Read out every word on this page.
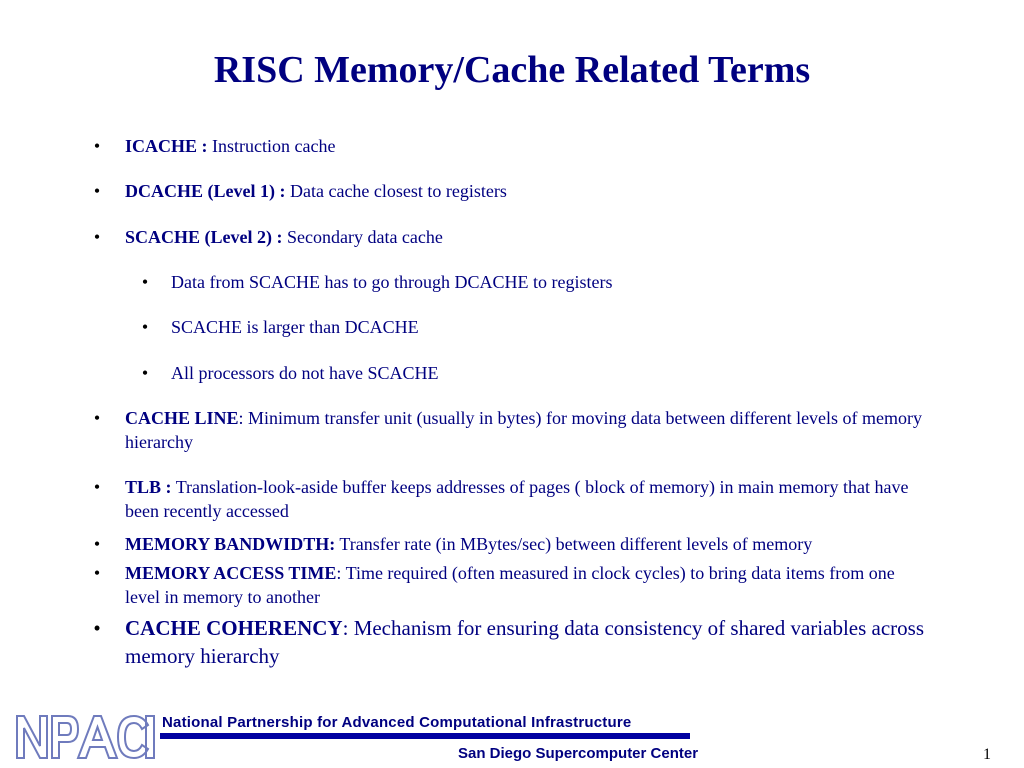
RISC Memory/Cache Related Terms
•	ICACHE : Instruction cache
•	DCACHE (Level 1) : Data cache closest to registers
•	SCACHE (Level 2) : Secondary data cache
•	Data from SCACHE has to go through DCACHE to registers
•	SCACHE is larger than DCACHE
•	All processors do not have SCACHE
•	CACHE LINE: Minimum transfer unit (usually in bytes) for moving data between different levels of memory hierarchy
•	TLB : Translation-look-aside buffer keeps addresses of pages ( block of memory) in main memory that have been recently accessed
•	MEMORY BANDWIDTH: Transfer rate (in MBytes/sec) between different levels of memory
•	MEMORY ACCESS TIME: Time required (often measured in clock cycles) to bring data items from one level in memory to another
•	CACHE COHERENCY: Mechanism for ensuring data consistency of shared variables across memory hierarchy
National Partnership for Advanced Computational Infrastructure
San Diego Supercomputer Center	1
